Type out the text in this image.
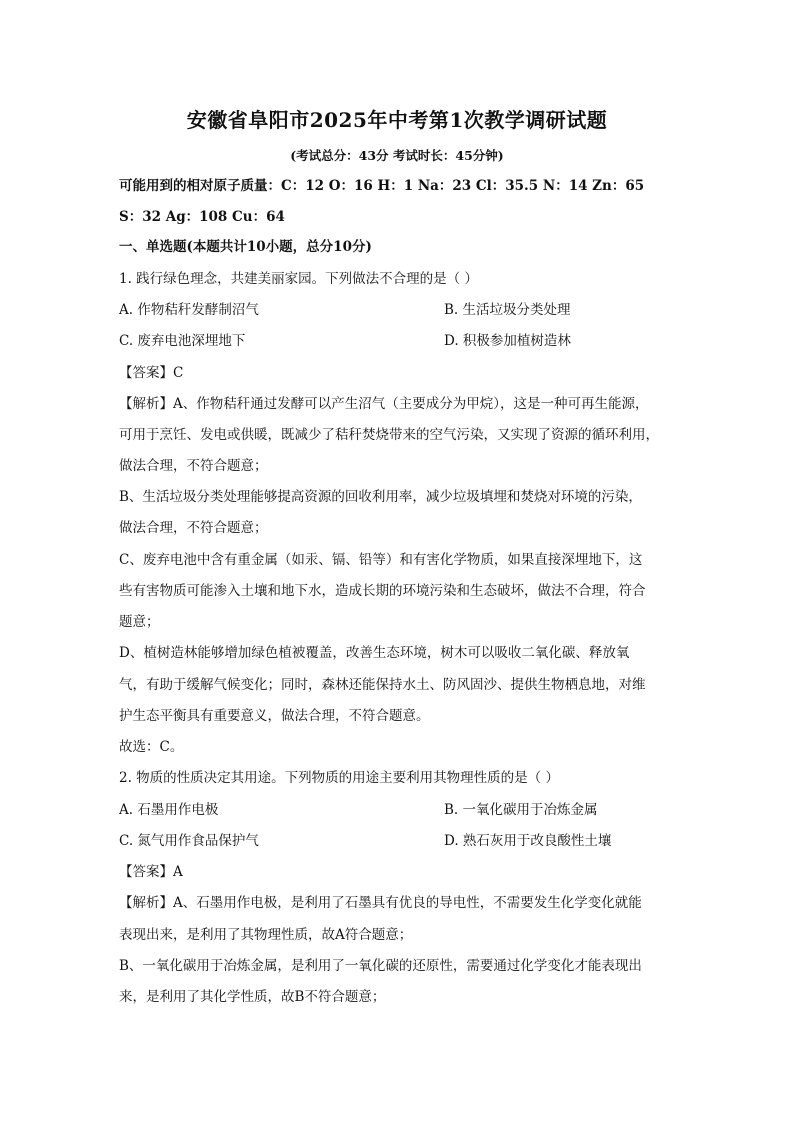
安徽省阜阳市2025年中考第1次教学调研试题
(考试总分：43分 考试时长：45分钟)
可能用到的相对原子质量：C：12 O：16 H：1 Na：23 Cl：35.5 N：14 Zn：65
S：32 Ag：108 Cu：64
一、单选题(本题共计10小题，总分10分)
1. 践行绿色理念，共建美丽家园。下列做法不合理的是（ ）
A. 作物秸秆发酵制沼气	B. 生活垃圾分类处理
C. 废弃电池深埋地下	D. 积极参加植树造林
【答案】C
【解析】A、作物秸秆通过发酵可以产生沼气（主要成分为甲烷），这是一种可再生能源，
可用于烹饪、发电或供暖，既减少了秸秆焚烧带来的空气污染，又实现了资源的循环利用，
做法合理，不符合题意；
B、生活垃圾分类处理能够提高资源的回收利用率，减少垃圾填埋和焚烧对环境的污染，
做法合理，不符合题意；
C、废弃电池中含有重金属（如汞、镉、铅等）和有害化学物质，如果直接深埋地下，这
些有害物质可能渗入土壤和地下水，造成长期的环境污染和生态破坏，做法不合理，符合
题意；
D、植树造林能够增加绿色植被覆盖，改善生态环境，树木可以吸收二氧化碳、释放氧
气，有助于缓解气候变化；同时，森林还能保持水土、防风固沙、提供生物栖息地，对维
护生态平衡具有重要意义，做法合理，不符合题意。
故选：C。
2. 物质的性质决定其用途。下列物质的用途主要利用其物理性质的是（ ）
A. 石墨用作电极	B. 一氧化碳用于冶炼金属
C. 氮气用作食品保护气	D. 熟石灰用于改良酸性土壤
【答案】A
【解析】A、石墨用作电极，是利用了石墨具有优良的导电性，不需要发生化学变化就能
表现出来，是利用了其物理性质，故A符合题意；
B、一氧化碳用于冶炼金属，是利用了一氧化碳的还原性，需要通过化学变化才能表现出
来，是利用了其化学性质，故B不符合题意；
